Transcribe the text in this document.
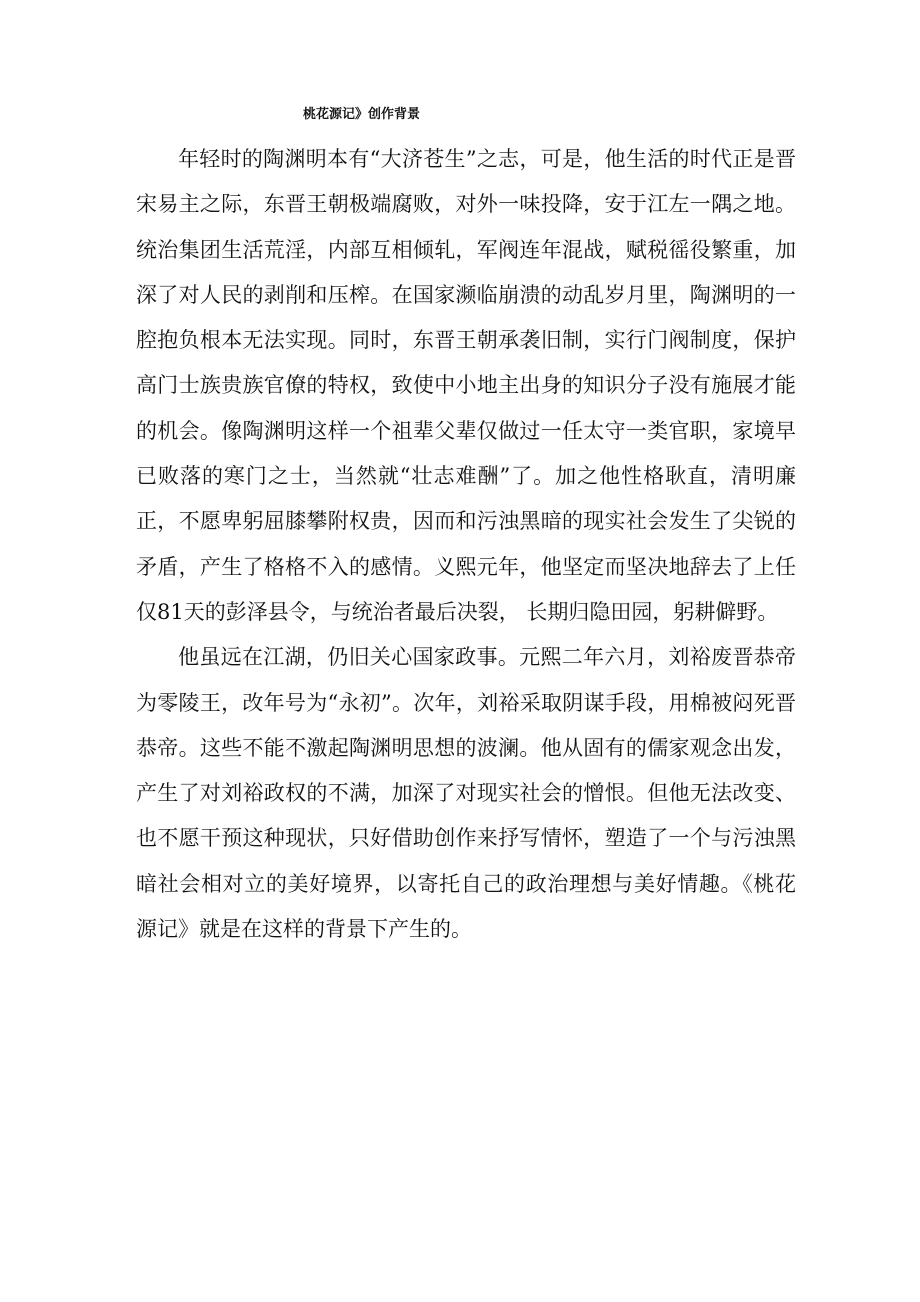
桃花源记》创作背景

年轻时的陶渊明本有“大济苍生”之志，可是，他生活的时代正是晋宋易主之际，东晋王朝极端腐败，对外一味投降，安于江左一隅之地。统治集团生活荒淫，内部互相倾轧，军阀连年混战，赋税徭役繁重，加深了对人民的剥削和压榨。在国家濒临崩溃的动乱岁月里，陶渊明的一腔抱负根本无法实现。同时，东晋王朝承袭旧制，实行门阀制度，保护高门士族贵族官僚的特权，致使中小地主出身的知识分子没有施展才能的机会。像陶渊明这样一个祖辈父辈仅做过一任太守一类官职，家境早已败落的寒门之士，当然就“壮志难酬”了。加之他性格耿直，清明廉正，不愿卑躬屈膝攀附权贵，因而和污浊黑暗的现实社会发生了尖锐的矛盾，产生了格格不入的感情。义熙元年，他坚定而坚决地辞去了上任仅81天的彭泽县令，与统治者最后决裂， 长期归隐田园，躬耕僻野。

他虽远在江湖，仍旧关心国家政事。元熙二年六月，刘裕废晋恭帝为零陵王，改年号为“永初”。次年，刘裕采取阴谋手段，用棉被闷死晋恭帝。这些不能不激起陶渊明思想的波澜。他从固有的儒家观念出发，产生了对刘裕政权的不满，加深了对现实社会的憎恨。但他无法改变、也不愿干预这种现状，只好借助创作来抒写情怀，塑造了一个与污浊黑暗社会相对立的美好境界，以寄托自己的政治理想与美好情趣。《桃花源记》就是在这样的背景下产生的。
